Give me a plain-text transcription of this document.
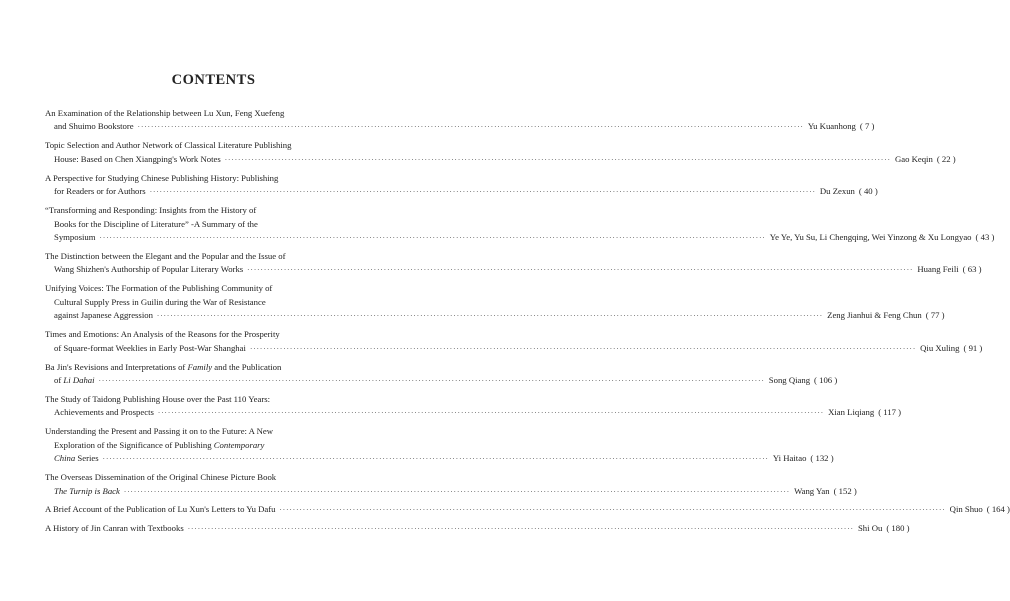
CONTENTS
An Examination of the Relationship between Lu Xun, Feng Xuefeng
and Shuimo Bookstore ········································································································································································································ Yu Kuanhong ( 7 )
Topic Selection and Author Network of Classical Literature Publishing
House: Based on Chen Xiangping's Work Notes ········································································································································································································ Gao Keqin ( 22 )
A Perspective for Studying Chinese Publishing History: Publishing
for Readers or for Authors ········································································································································································································ Du Zexun ( 40 )
“Transforming and Responding: Insights from the History of
Books for the Discipline of Literature” -A Summary of the
Symposium ········································································································································································································ Ye Ye, Yu Su, Li Chengqing, Wei Yinzong & Xu Longyao ( 43 )
The Distinction between the Elegant and the Popular and the Issue of
Wang Shizhen's Authorship of Popular Literary Works ········································································································································································································ Huang Feili ( 63 )
Unifying Voices: The Formation of the Publishing Community of
Cultural Supply Press in Guilin during the War of Resistance
against Japanese Aggression ········································································································································································································ Zeng Jianhui & Feng Chun ( 77 )
Times and Emotions: An Analysis of the Reasons for the Prosperity
of Square-format Weeklies in Early Post-War Shanghai ········································································································································································································ Qiu Xuling ( 91 )
Ba Jin's Revisions and Interpretations of Family and the Publication
of Li Dahai ········································································································································································································ Song Qiang ( 106 )
The Study of Taidong Publishing House over the Past 110 Years:
Achievements and Prospects ········································································································································································································ Xian Liqiang ( 117 )
Understanding the Present and Passing it on to the Future: A New
Exploration of the Significance of Publishing Contemporary
China Series ········································································································································································································ Yi Haitao ( 132 )
The Overseas Dissemination of the Original Chinese Picture Book
The Turnip is Back ········································································································································································································ Wang Yan ( 152 )
A Brief Account of the Publication of Lu Xun's Letters to Yu Dafu ········································································································································································································ Qin Shuo ( 164 )
A History of Jin Canran with Textbooks ········································································································································································································ Shi Ou ( 180 )
